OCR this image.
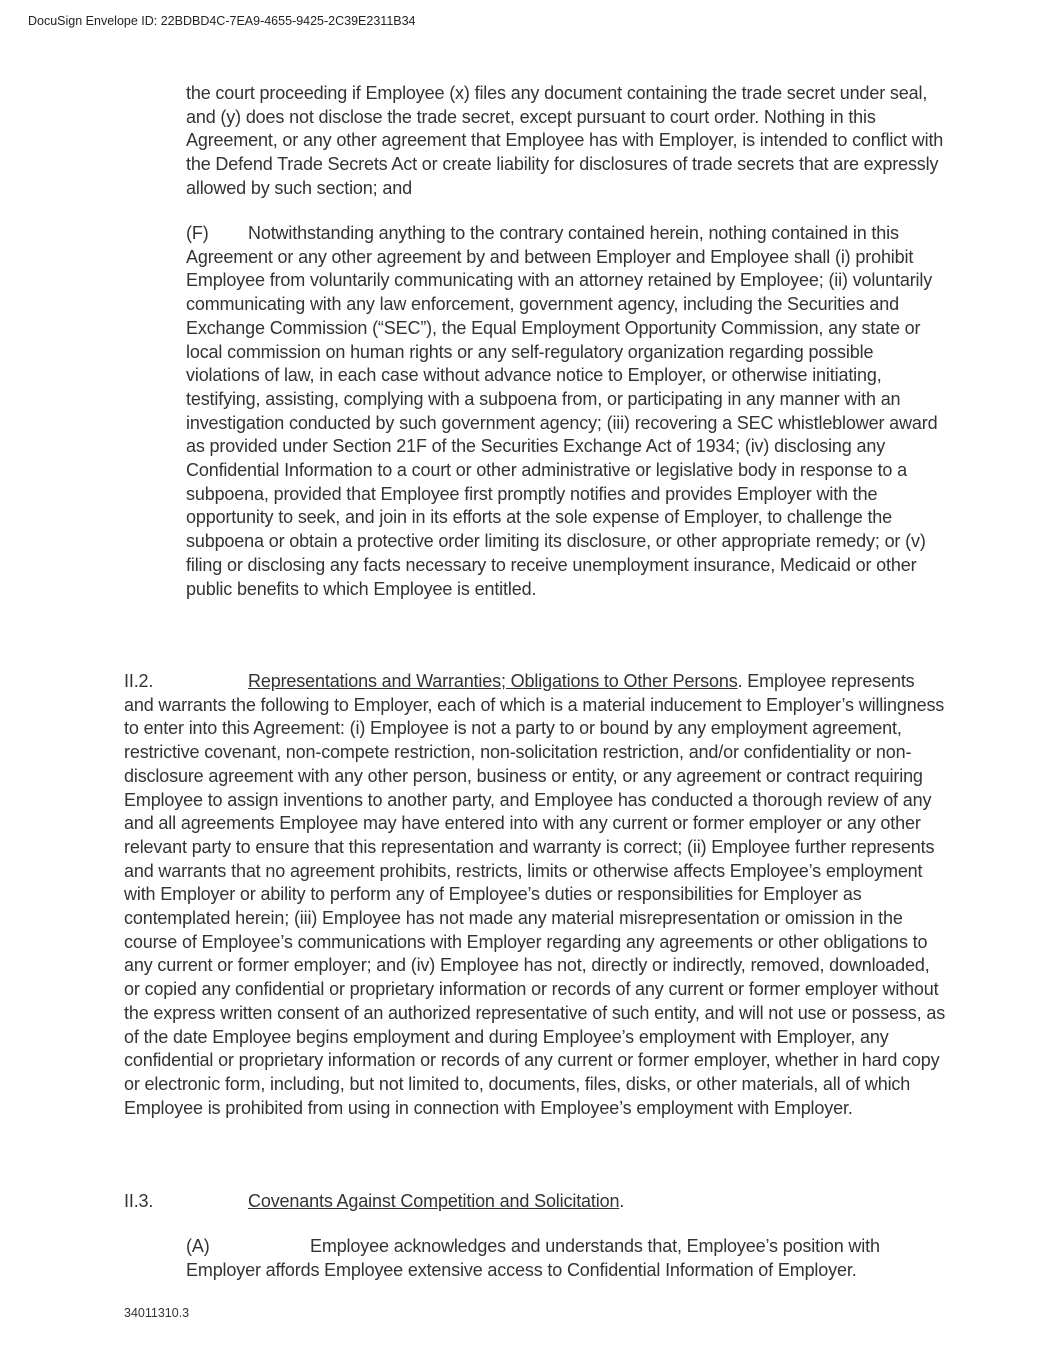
DocuSign Envelope ID: 22BDBD4C-7EA9-4655-9425-2C39E2311B34
the court proceeding if Employee (x) files any document containing the trade secret under seal, and (y) does not disclose the trade secret, except pursuant to court order. Nothing in this Agreement, or any other agreement that Employee has with Employer, is intended to conflict with the Defend Trade Secrets Act or create liability for disclosures of trade secrets that are expressly allowed by such section; and
(F) Notwithstanding anything to the contrary contained herein, nothing contained in this Agreement or any other agreement by and between Employer and Employee shall (i) prohibit Employee from voluntarily communicating with an attorney retained by Employee; (ii) voluntarily communicating with any law enforcement, government agency, including the Securities and Exchange Commission (“SEC”), the Equal Employment Opportunity Commission, any state or local commission on human rights or any self-regulatory organization regarding possible violations of law, in each case without advance notice to Employer, or otherwise initiating, testifying, assisting, complying with a subpoena from, or participating in any manner with an investigation conducted by such government agency; (iii) recovering a SEC whistleblower award as provided under Section 21F of the Securities Exchange Act of 1934; (iv) disclosing any Confidential Information to a court or other administrative or legislative body in response to a subpoena, provided that Employee first promptly notifies and provides Employer with the opportunity to seek, and join in its efforts at the sole expense of Employer, to challenge the subpoena or obtain a protective order limiting its disclosure, or other appropriate remedy; or (v) filing or disclosing any facts necessary to receive unemployment insurance, Medicaid or other public benefits to which Employee is entitled.
II.2.	Representations and Warranties; Obligations to Other Persons. Employee represents and warrants the following to Employer, each of which is a material inducement to Employer’s willingness to enter into this Agreement: (i) Employee is not a party to or bound by any employment agreement, restrictive covenant, non-compete restriction, non-solicitation restriction, and/or confidentiality or non-disclosure agreement with any other person, business or entity, or any agreement or contract requiring Employee to assign inventions to another party, and Employee has conducted a thorough review of any and all agreements Employee may have entered into with any current or former employer or any other relevant party to ensure that this representation and warranty is correct; (ii) Employee further represents and warrants that no agreement prohibits, restricts, limits or otherwise affects Employee’s employment with Employer or ability to perform any of Employee’s duties or responsibilities for Employer as contemplated herein; (iii) Employee has not made any material misrepresentation or omission in the course of Employee’s communications with Employer regarding any agreements or other obligations to any current or former employer; and (iv) Employee has not, directly or indirectly, removed, downloaded, or copied any confidential or proprietary information or records of any current or former employer without the express written consent of an authorized representative of such entity, and will not use or possess, as of the date Employee begins employment and during Employee’s employment with Employer, any confidential or proprietary information or records of any current or former employer, whether in hard copy or electronic form, including, but not limited to, documents, files, disks, or other materials, all of which Employee is prohibited from using in connection with Employee’s employment with Employer.
II.3.	Covenants Against Competition and Solicitation.
(A)	Employee acknowledges and understands that, Employee’s position with Employer affords Employee extensive access to Confidential Information of Employer.
34011310.3
